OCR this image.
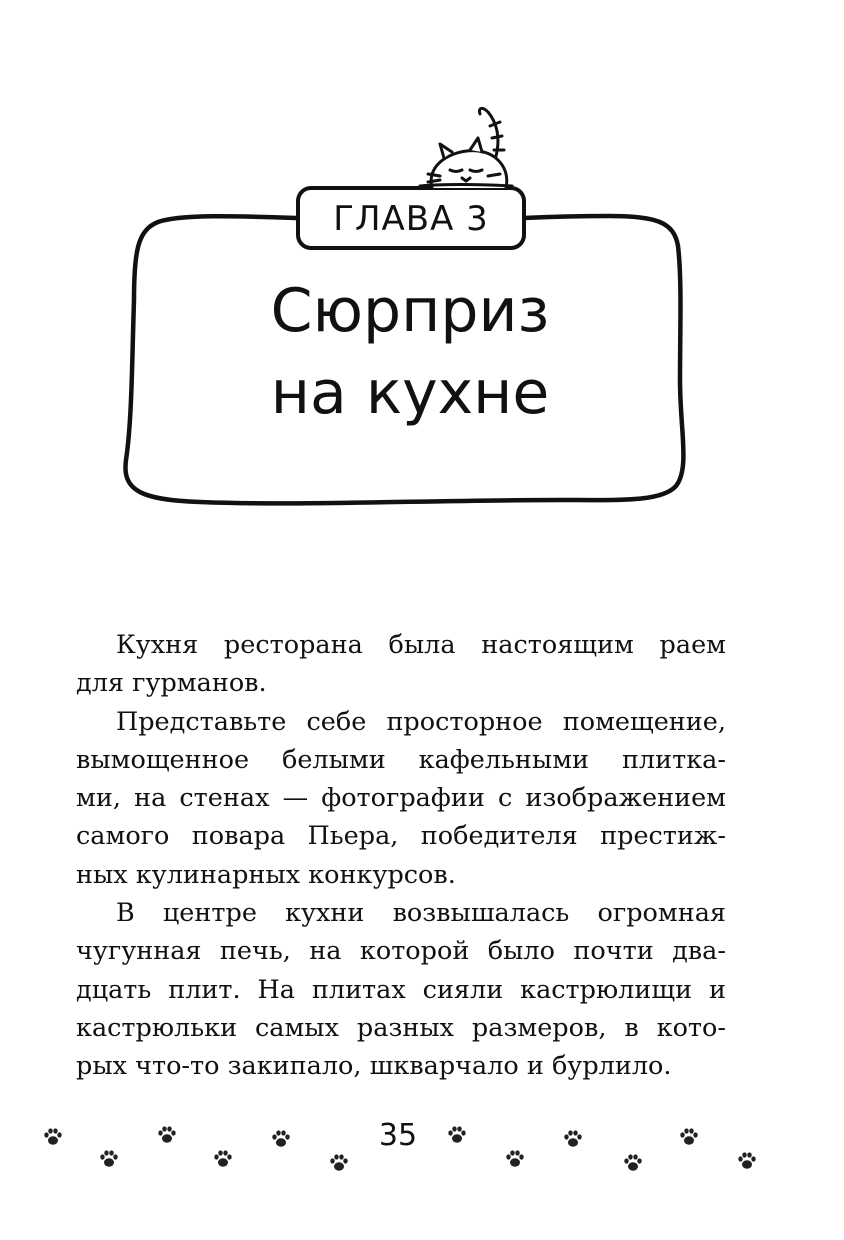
ГЛАВА 3
Сюрприз
на кухне

Кухня ресторана была настоящим раем
для гурманов.

Представьте себе просторное помещение,
вымощенное белыми кафельными плитка-
ми, на стенах — фотографии с изображением
самого повара Пьера, победителя престиж-
ных кулинарных конкурсов.

В центре кухни возвышалась огромная
чугунная печь, на которой было почти два-
дцать плит. На плитах сияли кастрюлищи и
кастрюльки самых разных размеров, в кото-
рых что-то закипало, шкварчало и бурлило.

35
